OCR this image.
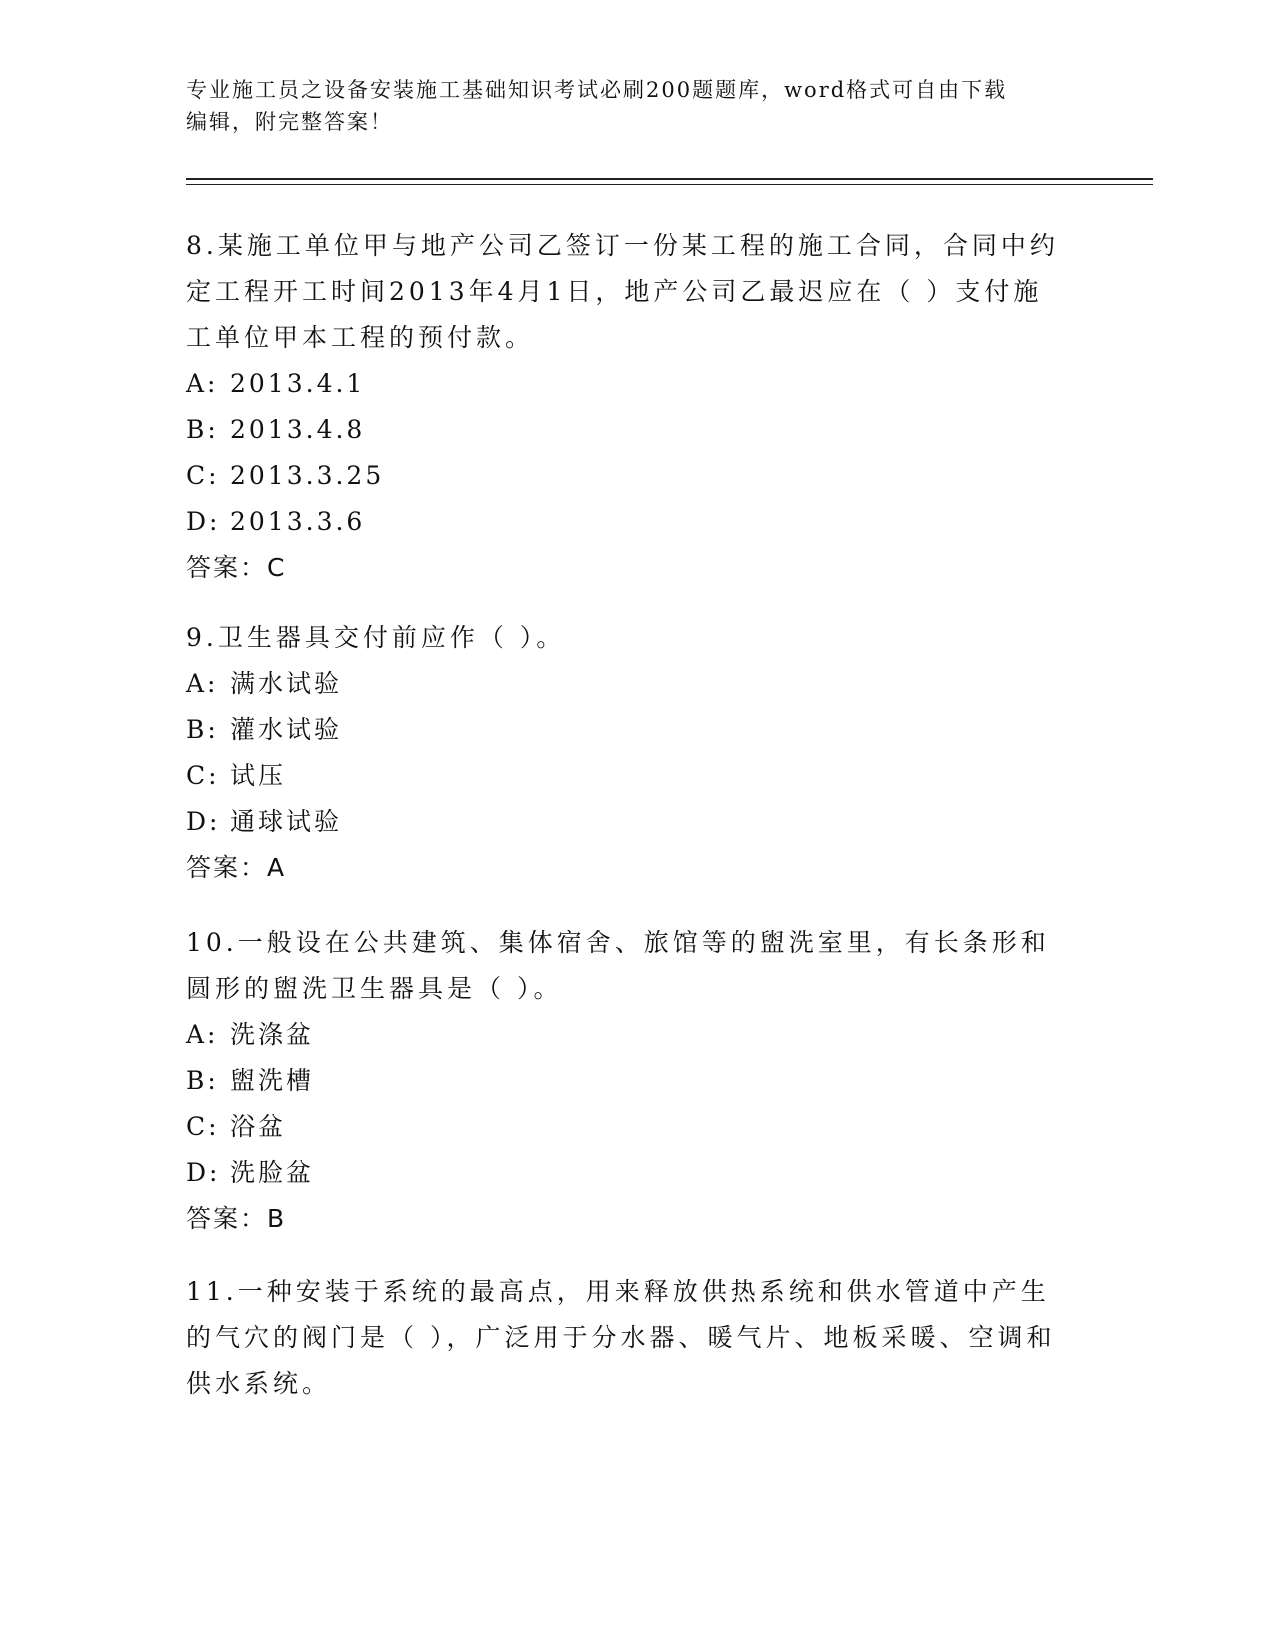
专业施工员之设备安装施工基础知识考试必刷200题题库，word格式可自由下载
编辑，附完整答案！

8.某施工单位甲与地产公司乙签订一份某工程的施工合同，合同中约定工程开工时间2013年4月1日，地产公司乙最迟应在（ ）支付施工单位甲本工程的预付款。

A: 2013.4.1

B: 2013.4.8

C: 2013.3.25

D: 2013.3.6

答案：C

9.卫生器具交付前应作（ ）。

A: 满水试验

B: 灌水试验

C: 试压

D: 通球试验

答案：A

10.一般设在公共建筑、集体宿舍、旅馆等的盥洗室里，有长条形和圆形的盥洗卫生器具是（ ）。

A: 洗涤盆

B: 盥洗槽

C: 浴盆

D: 洗脸盆

答案：B

11.一种安装于系统的最高点，用来释放供热系统和供水管道中产生的气穴的阀门是（ ），广泛用于分水器、暖气片、地板采暖、空调和供水系统。
